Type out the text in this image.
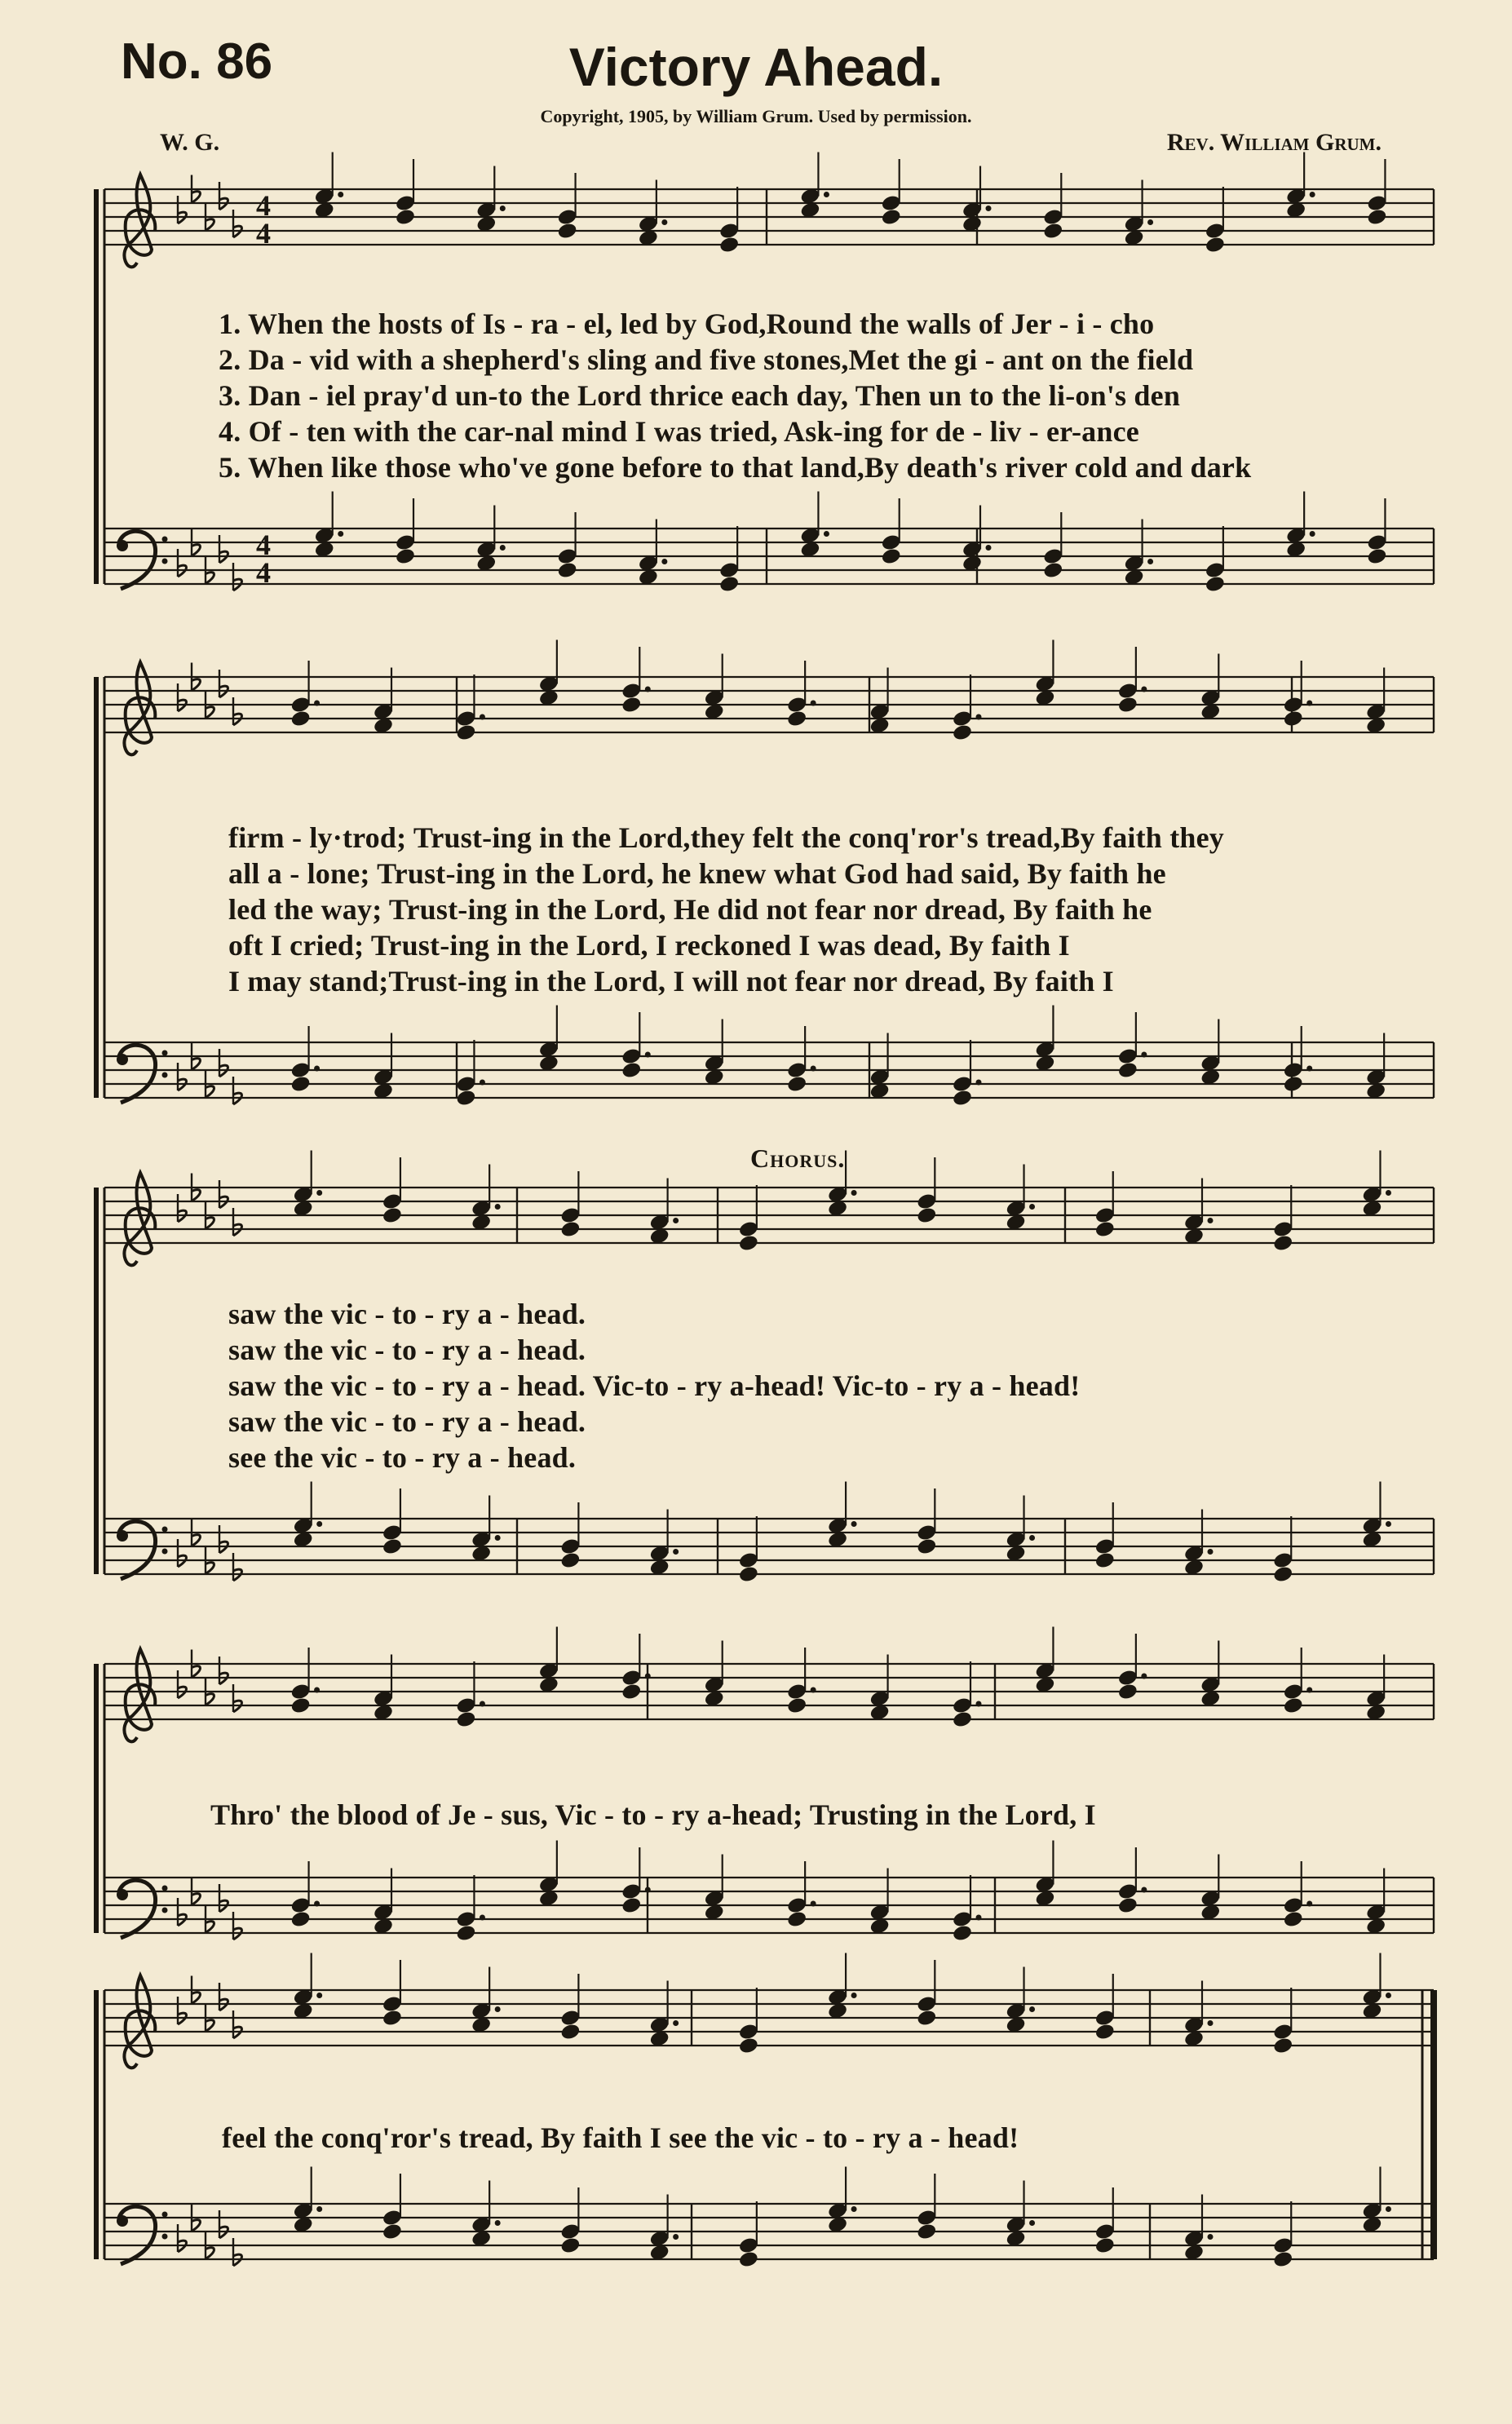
No. 86	Victory Ahead.
Copyright, 1905, by William Grum. Used by permission.
W. G.	Rev. William Grum.
4
4
4
4
1. When the hosts of Is - ra - el, led by God,Round the walls of Jer - i - cho
2. Da - vid with a shepherd's sling and five stones,Met the gi - ant on the field
3. Dan - iel pray'd un-to the Lord thrice each day, Then un to the li-on's den
4. Of - ten with the car-nal mind I was tried, Ask-ing for de - liv - er-ance
5. When like those who've gone before to that land,By death's river cold and dark
firm - ly·trod; Trust-ing in the Lord,they felt the conq'ror's tread,By faith they
all a - lone; Trust-ing in the Lord, he knew what God had said, By faith he
led the way; Trust-ing in the Lord, He did not fear nor dread, By faith he
oft I cried; Trust-ing in the Lord, I reckoned I was dead, By faith I
I may stand;Trust-ing in the Lord, I will not fear nor dread, By faith I
Chorus.
saw the vic - to - ry a - head.
saw the vic - to - ry a - head.
saw the vic - to - ry a - head. Vic-to - ry a-head! Vic-to - ry a - head!
saw the vic - to - ry a - head.
see the vic - to - ry a - head.
Thro' the blood of Je - sus, Vic - to - ry a-head; Trusting in the Lord, I
feel the conq'ror's tread, By faith I see the vic - to - ry a - head!
